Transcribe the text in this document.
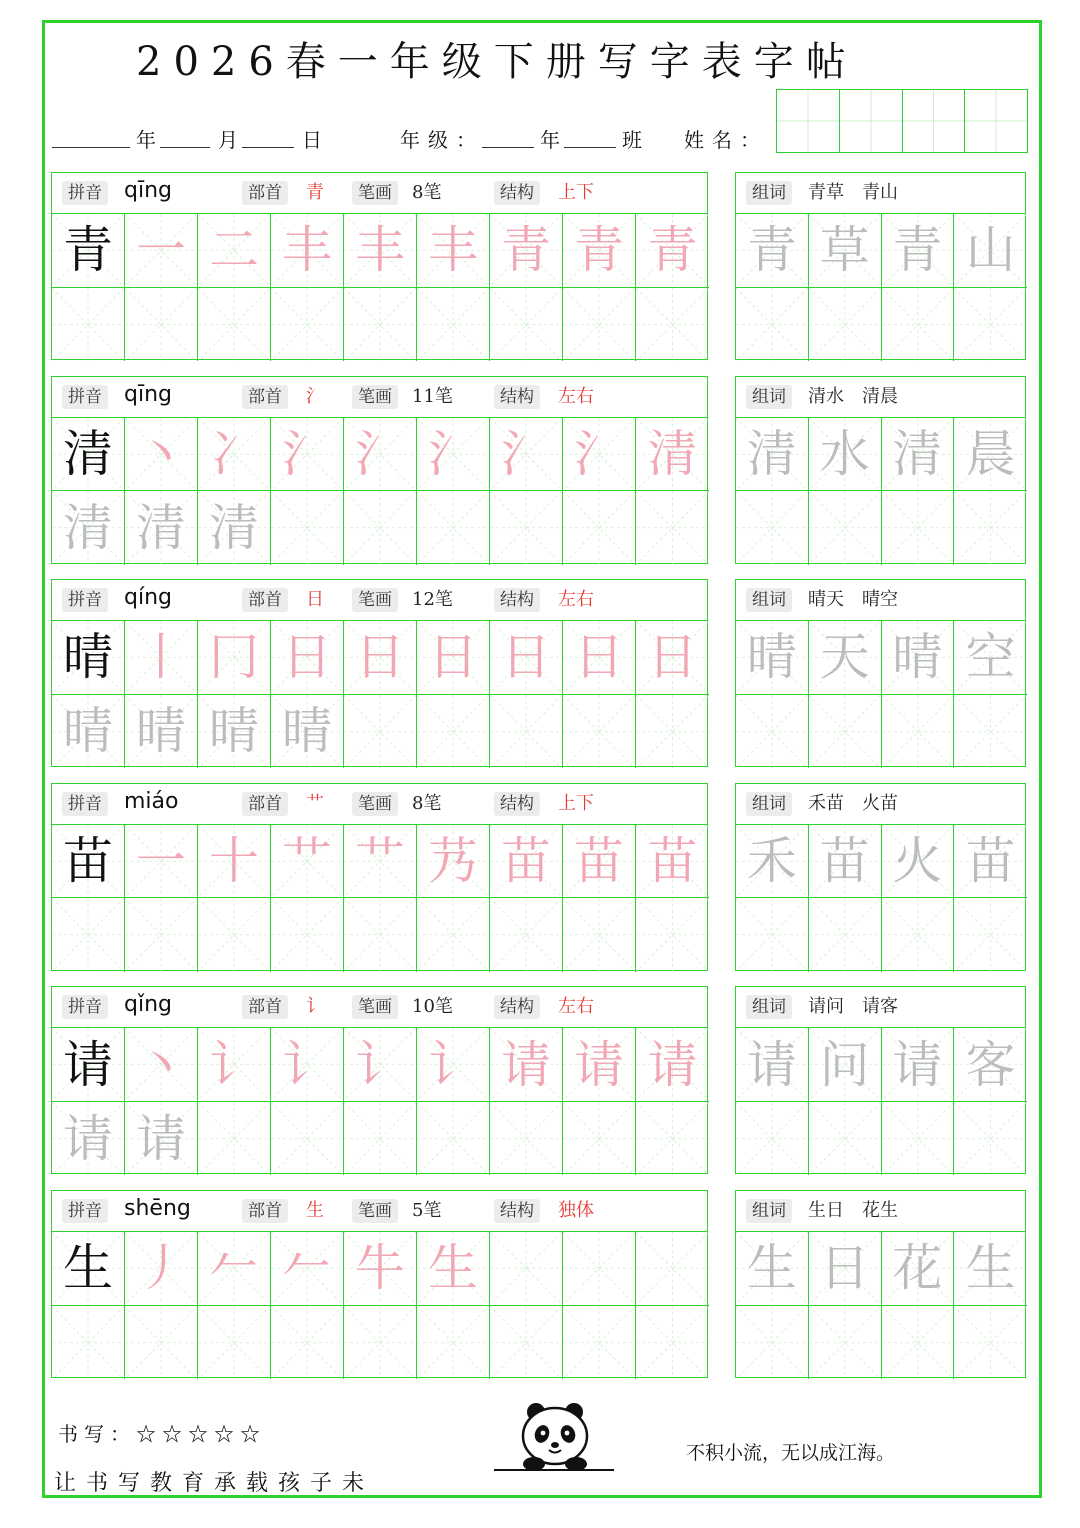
2026春一年级下册写字表字帖
年	月	日	年级：	年	班 姓名：
拼音 qīng	部首	青	笔画	8笔	结构	上下
青 一 二 丰 丰 丰 青 青 青
组词	青草　青山
青 草 青 山
拼音 qīng	部首	氵	笔画	11笔	结构	左右
清 丶 冫 氵 氵 氵 氵 氵 清
清 清 清
组词	清水　清晨
清 水 清 晨
拼音 qíng	部首	日	笔画	12笔	结构	左右
晴 丨 冂 日 日 日 日 日 日
晴 晴 晴 晴
组词	晴天　晴空
晴 天 晴 空
拼音 miáo	部首	艹	笔画	8笔	结构	上下
苗 一 十 艹 艹 艿 苗 苗 苗
组词	禾苗　火苗
禾 苗 火 苗
拼音 qǐng	部首	讠	笔画	10笔	结构	左右
请 丶 讠 讠 讠 讠 请 请 请
请 请
组词	请问　请客
请 问 请 客
拼音 shēng	部首	生	笔画	5笔	结构	独体
生 丿 𠂉 𠂉 牛 生
组词	生日　花生
生 日 花 生
书写：☆☆☆☆☆
让书写教育承载孩子未
不积小流，无以成江海。
